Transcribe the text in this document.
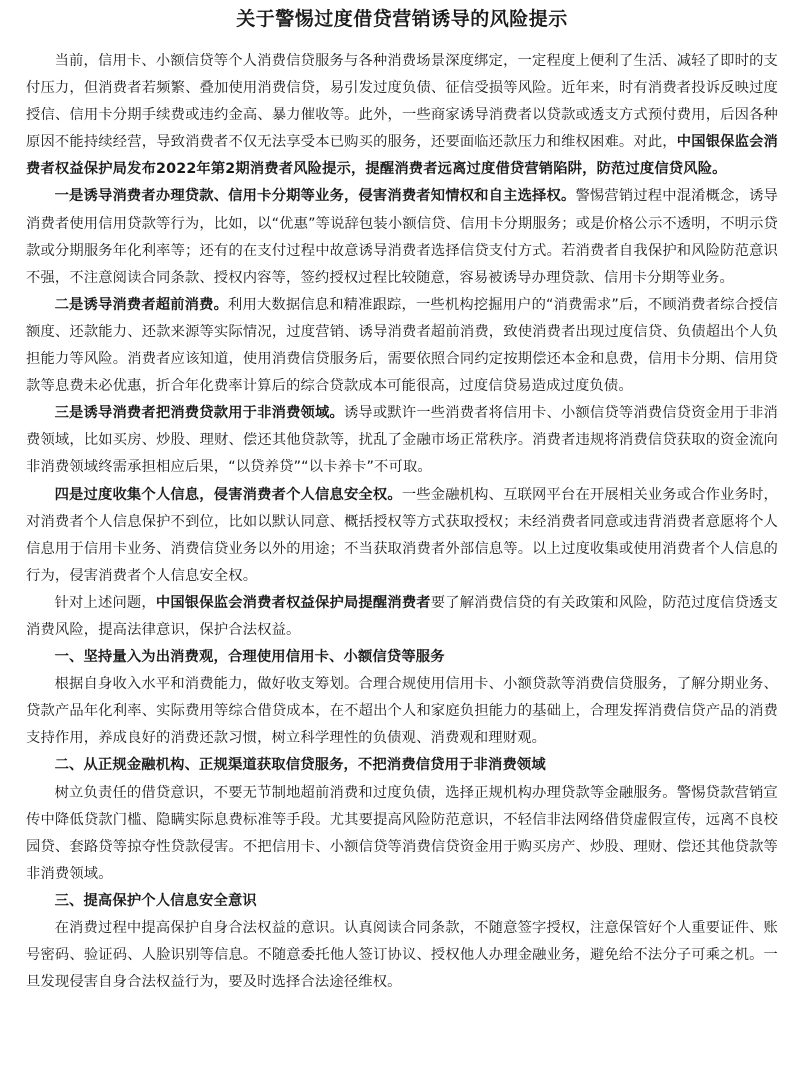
关于警惕过度借贷营销诱导的风险提示

当前，信用卡、小额信贷等个人消费信贷服务与各种消费场景深度绑定，一定程度上便利了生活、减轻了即时的支付压力，但消费者若频繁、叠加使用消费信贷，易引发过度负债、征信受损等风险。近年来，时有消费者投诉反映过度授信、信用卡分期手续费或违约金高、暴力催收等。此外，一些商家诱导消费者以贷款或透支方式预付费用，后因各种原因不能持续经营，导致消费者不仅无法享受本已购买的服务，还要面临还款压力和维权困难。对此，中国银保监会消费者权益保护局发布2022年第2期消费者风险提示，提醒消费者远离过度借贷营销陷阱，防范过度信贷风险。

一是诱导消费者办理贷款、信用卡分期等业务，侵害消费者知情权和自主选择权。警惕营销过程中混淆概念，诱导消费者使用信用贷款等行为，比如，以“优惠”等说辞包装小额信贷、信用卡分期服务；或是价格公示不透明，不明示贷款或分期服务年化利率等；还有的在支付过程中故意诱导消费者选择信贷支付方式。若消费者自我保护和风险防范意识不强，不注意阅读合同条款、授权内容等，签约授权过程比较随意，容易被诱导办理贷款、信用卡分期等业务。

二是诱导消费者超前消费。利用大数据信息和精准跟踪，一些机构挖掘用户的“消费需求”后，不顾消费者综合授信额度、还款能力、还款来源等实际情况，过度营销、诱导消费者超前消费，致使消费者出现过度信贷、负债超出个人负担能力等风险。消费者应该知道，使用消费信贷服务后，需要依照合同约定按期偿还本金和息费，信用卡分期、信用贷款等息费未必优惠，折合年化费率计算后的综合贷款成本可能很高，过度信贷易造成过度负债。

三是诱导消费者把消费贷款用于非消费领域。诱导或默许一些消费者将信用卡、小额信贷等消费信贷资金用于非消费领域，比如买房、炒股、理财、偿还其他贷款等，扰乱了金融市场正常秩序。消费者违规将消费信贷获取的资金流向非消费领域终需承担相应后果，“以贷养贷”“以卡养卡”不可取。

四是过度收集个人信息，侵害消费者个人信息安全权。一些金融机构、互联网平台在开展相关业务或合作业务时，对消费者个人信息保护不到位，比如以默认同意、概括授权等方式获取授权；未经消费者同意或违背消费者意愿将个人信息用于信用卡业务、消费信贷业务以外的用途；不当获取消费者外部信息等。以上过度收集或使用消费者个人信息的行为，侵害消费者个人信息安全权。

针对上述问题，中国银保监会消费者权益保护局提醒消费者要了解消费信贷的有关政策和风险，防范过度信贷透支消费风险，提高法律意识，保护合法权益。

一、坚持量入为出消费观，合理使用信用卡、小额信贷等服务

根据自身收入水平和消费能力，做好收支筹划。合理合规使用信用卡、小额贷款等消费信贷服务，了解分期业务、贷款产品年化利率、实际费用等综合借贷成本，在不超出个人和家庭负担能力的基础上，合理发挥消费信贷产品的消费支持作用，养成良好的消费还款习惯，树立科学理性的负债观、消费观和理财观。

二、从正规金融机构、正规渠道获取信贷服务，不把消费信贷用于非消费领域

树立负责任的借贷意识，不要无节制地超前消费和过度负债，选择正规机构办理贷款等金融服务。警惕贷款营销宣传中降低贷款门槛、隐瞒实际息费标准等手段。尤其要提高风险防范意识，不轻信非法网络借贷虚假宣传，远离不良校园贷、套路贷等掠夺性贷款侵害。不把信用卡、小额信贷等消费信贷资金用于购买房产、炒股、理财、偿还其他贷款等非消费领域。

三、提高保护个人信息安全意识

在消费过程中提高保护自身合法权益的意识。认真阅读合同条款，不随意签字授权，注意保管好个人重要证件、账号密码、验证码、人脸识别等信息。不随意委托他人签订协议、授权他人办理金融业务，避免给不法分子可乘之机。一旦发现侵害自身合法权益行为，要及时选择合法途径维权。
